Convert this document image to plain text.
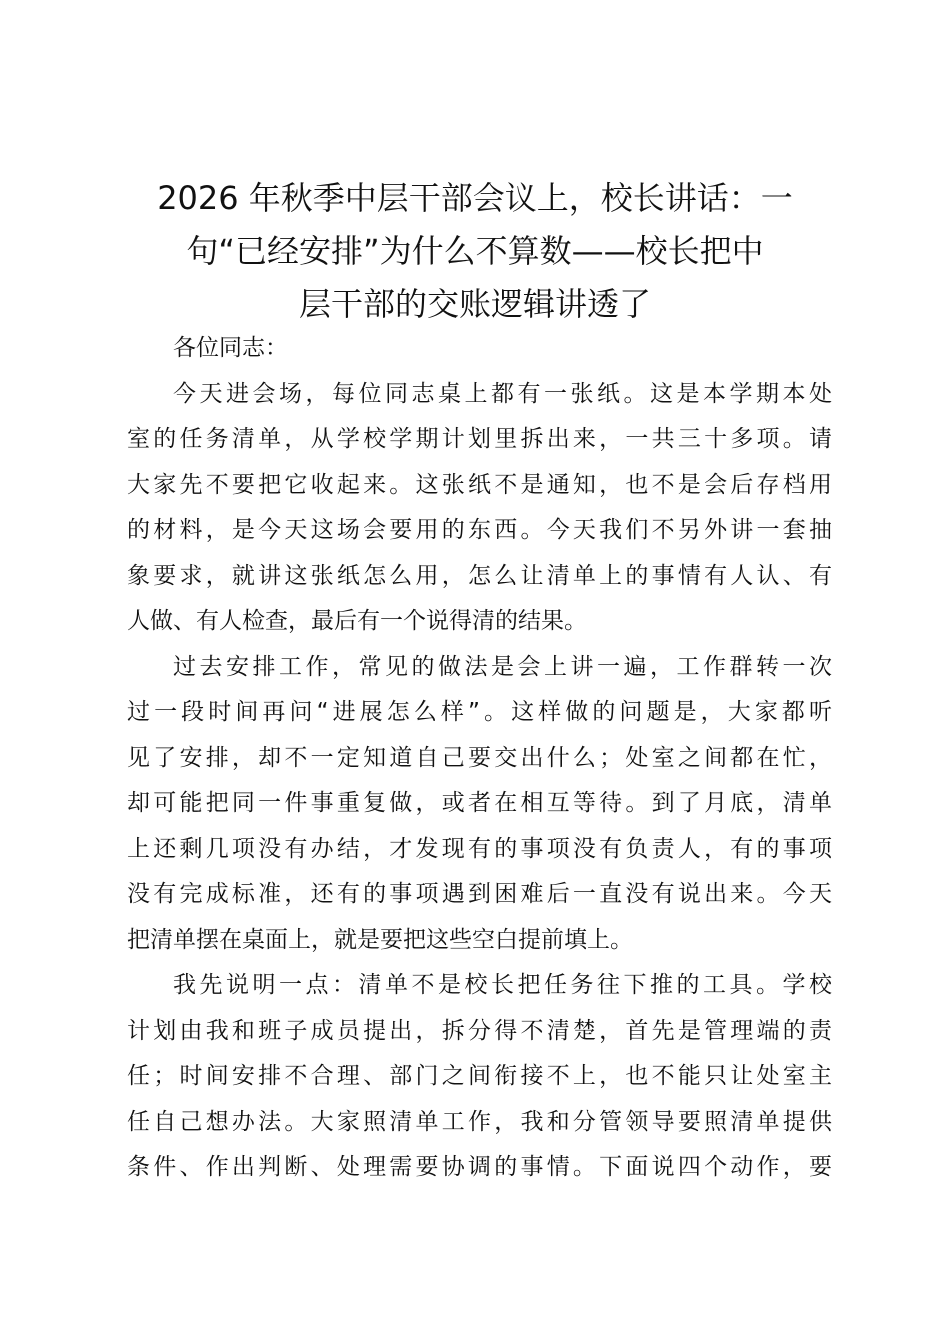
2026 年秋季中层干部会议上，校长讲话：一
句“已经安排”为什么不算数——校长把中
层干部的交账逻辑讲透了

各位同志：

今天进会场，每位同志桌上都有一张纸。这是本学期本处
室的任务清单，从学校学期计划里拆出来，一共三十多项。请
大家先不要把它收起来。这张纸不是通知，也不是会后存档用
的材料，是今天这场会要用的东西。今天我们不另外讲一套抽
象要求，就讲这张纸怎么用，怎么让清单上的事情有人认、有
人做、有人检查，最后有一个说得清的结果。

过去安排工作，常见的做法是会上讲一遍，工作群转一次
过一段时间再问“进展怎么样”。这样做的问题是，大家都听
见了安排，却不一定知道自己要交出什么；处室之间都在忙，
却可能把同一件事重复做，或者在相互等待。到了月底，清单
上还剩几项没有办结，才发现有的事项没有负责人，有的事项
没有完成标准，还有的事项遇到困难后一直没有说出来。今天
把清单摆在桌面上，就是要把这些空白提前填上。

我先说明一点：清单不是校长把任务往下推的工具。学校
计划由我和班子成员提出，拆分得不清楚，首先是管理端的责
任；时间安排不合理、部门之间衔接不上，也不能只让处室主
任自己想办法。大家照清单工作，我和分管领导要照清单提供
条件、作出判断、处理需要协调的事情。下面说四个动作，要
